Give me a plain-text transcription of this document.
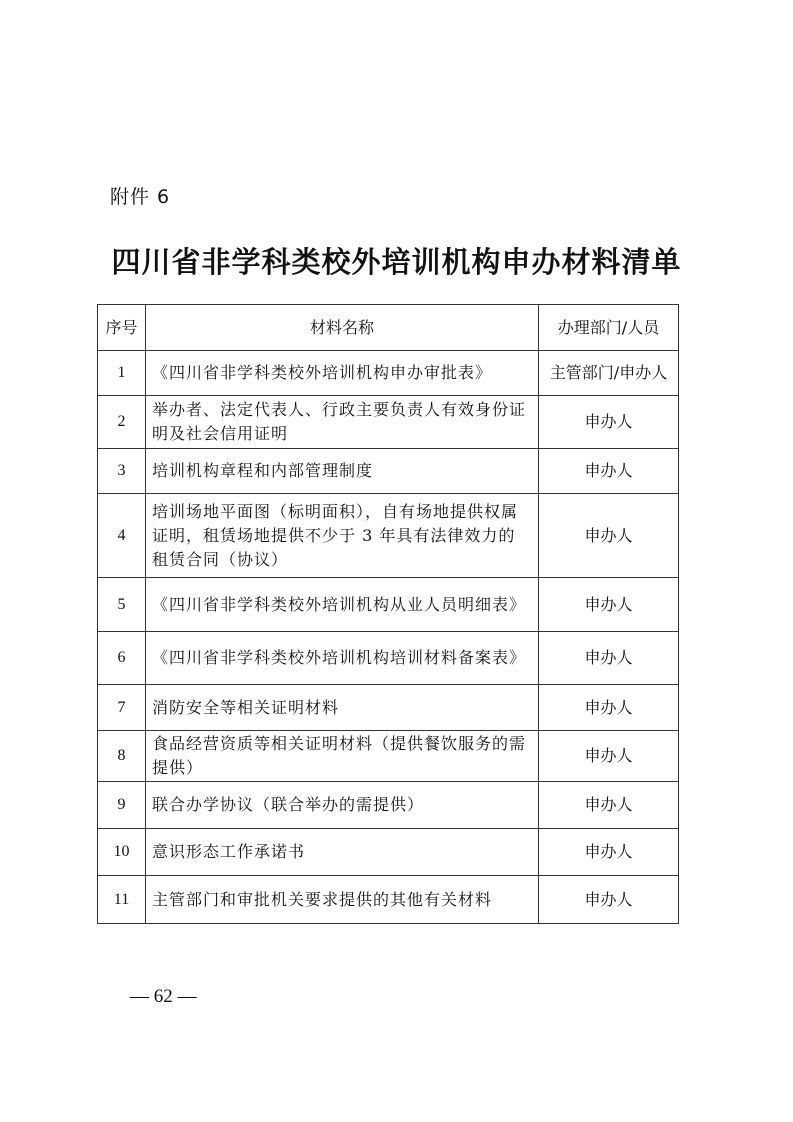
附件 6
四川省非学科类校外培训机构申办材料清单
序号	材料名称	办理部门/人员
1	《四川省非学科类校外培训机构申办审批表》	主管部门/申办人
2	举办者、法定代表人、行政主要负责人有效身份证明及社会信用证明	申办人
3	培训机构章程和内部管理制度	申办人
4	培训场地平面图（标明面积），自有场地提供权属证明，租赁场地提供不少于 3 年具有法律效力的租赁合同（协议）	申办人
5	《四川省非学科类校外培训机构从业人员明细表》	申办人
6	《四川省非学科类校外培训机构培训材料备案表》	申办人
7	消防安全等相关证明材料	申办人
8	食品经营资质等相关证明材料（提供餐饮服务的需提供）	申办人
9	联合办学协议（联合举办的需提供）	申办人
10	意识形态工作承诺书	申办人
11	主管部门和审批机关要求提供的其他有关材料	申办人
— 62 —
